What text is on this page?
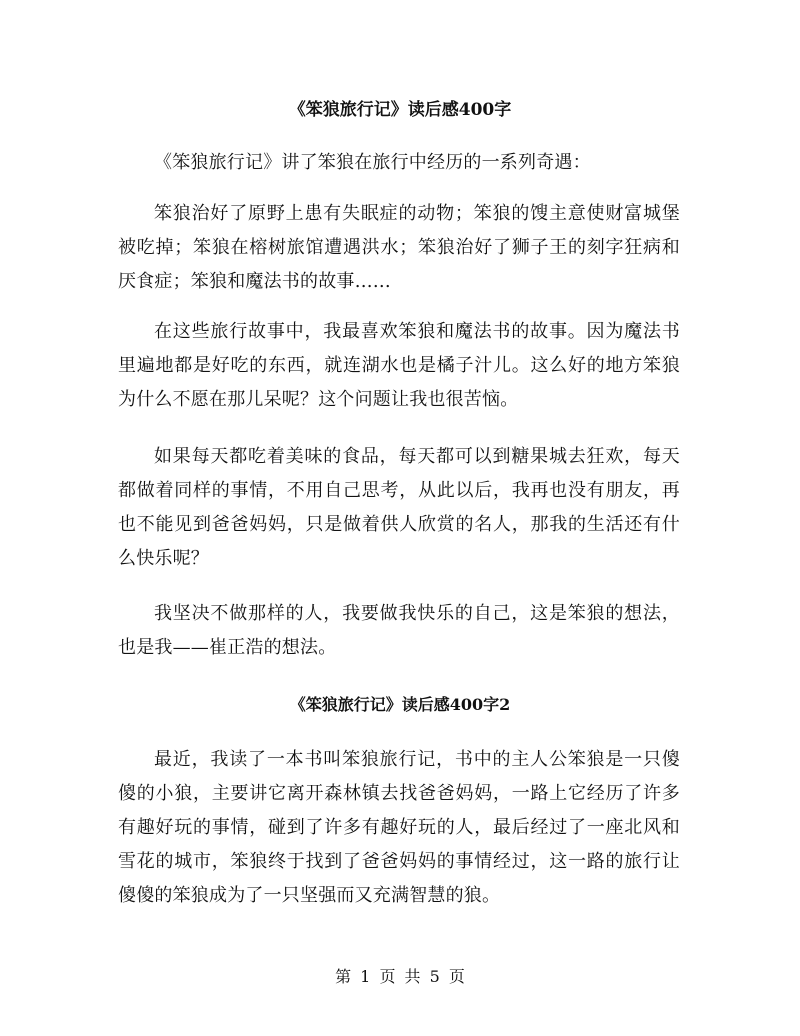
《笨狼旅行记》读后感400字
《笨狼旅行记》讲了笨狼在旅行中经历的一系列奇遇：
笨狼治好了原野上患有失眠症的动物；笨狼的馊主意使财富城堡被吃掉；笨狼在榕树旅馆遭遇洪水；笨狼治好了狮子王的刻字狂病和厌食症；笨狼和魔法书的故事……
在这些旅行故事中，我最喜欢笨狼和魔法书的故事。因为魔法书里遍地都是好吃的东西，就连湖水也是橘子汁儿。这么好的地方笨狼为什么不愿在那儿呆呢？这个问题让我也很苦恼。
如果每天都吃着美味的食品，每天都可以到糖果城去狂欢，每天都做着同样的事情，不用自己思考，从此以后，我再也没有朋友，再也不能见到爸爸妈妈，只是做着供人欣赏的名人，那我的生活还有什么快乐呢？
我坚决不做那样的人，我要做我快乐的自己，这是笨狼的想法，也是我——崔正浩的想法。
《笨狼旅行记》读后感400字2
最近，我读了一本书叫笨狼旅行记，书中的主人公笨狼是一只傻傻的小狼，主要讲它离开森林镇去找爸爸妈妈，一路上它经历了许多有趣好玩的事情，碰到了许多有趣好玩的人，最后经过了一座北风和雪花的城市，笨狼终于找到了爸爸妈妈的事情经过，这一路的旅行让傻傻的笨狼成为了一只坚强而又充满智慧的狼。
第 1 页 共 5 页
